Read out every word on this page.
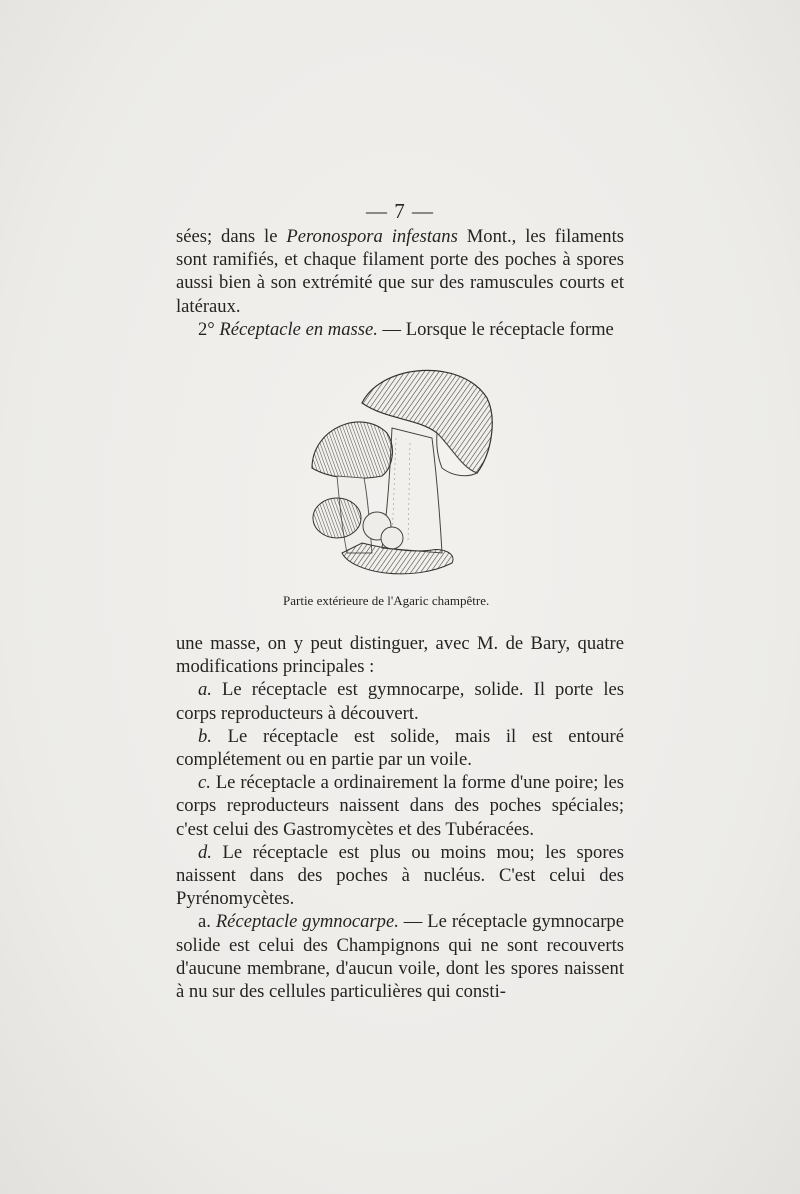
— 7 —

sées; dans le Peronospora infestans Mont., les filaments sont ramifiés, et chaque filament porte des poches à spores aussi bien à son extrémité que sur des ramuscules courts et latéraux.

2° Réceptacle en masse. — Lorsque le réceptacle forme

Partie extérieure de l'Agaric champêtre.

une masse, on y peut distinguer, avec M. de Bary, quatre modifications principales :

a. Le réceptacle est gymnocarpe, solide. Il porte les corps reproducteurs à découvert.

b. Le réceptacle est solide, mais il est entouré complétement ou en partie par un voile.

c. Le réceptacle a ordinairement la forme d'une poire; les corps reproducteurs naissent dans des poches spéciales; c'est celui des Gastromycètes et des Tubéracées.

d. Le réceptacle est plus ou moins mou; les spores naissent dans des poches à nucléus. C'est celui des Pyrénomycètes.

a. Réceptacle gymnocarpe. — Le réceptacle gymnocarpe solide est celui des Champignons qui ne sont recouverts d'aucune membrane, d'aucun voile, dont les spores naissent à nu sur des cellules particulières qui consti-
